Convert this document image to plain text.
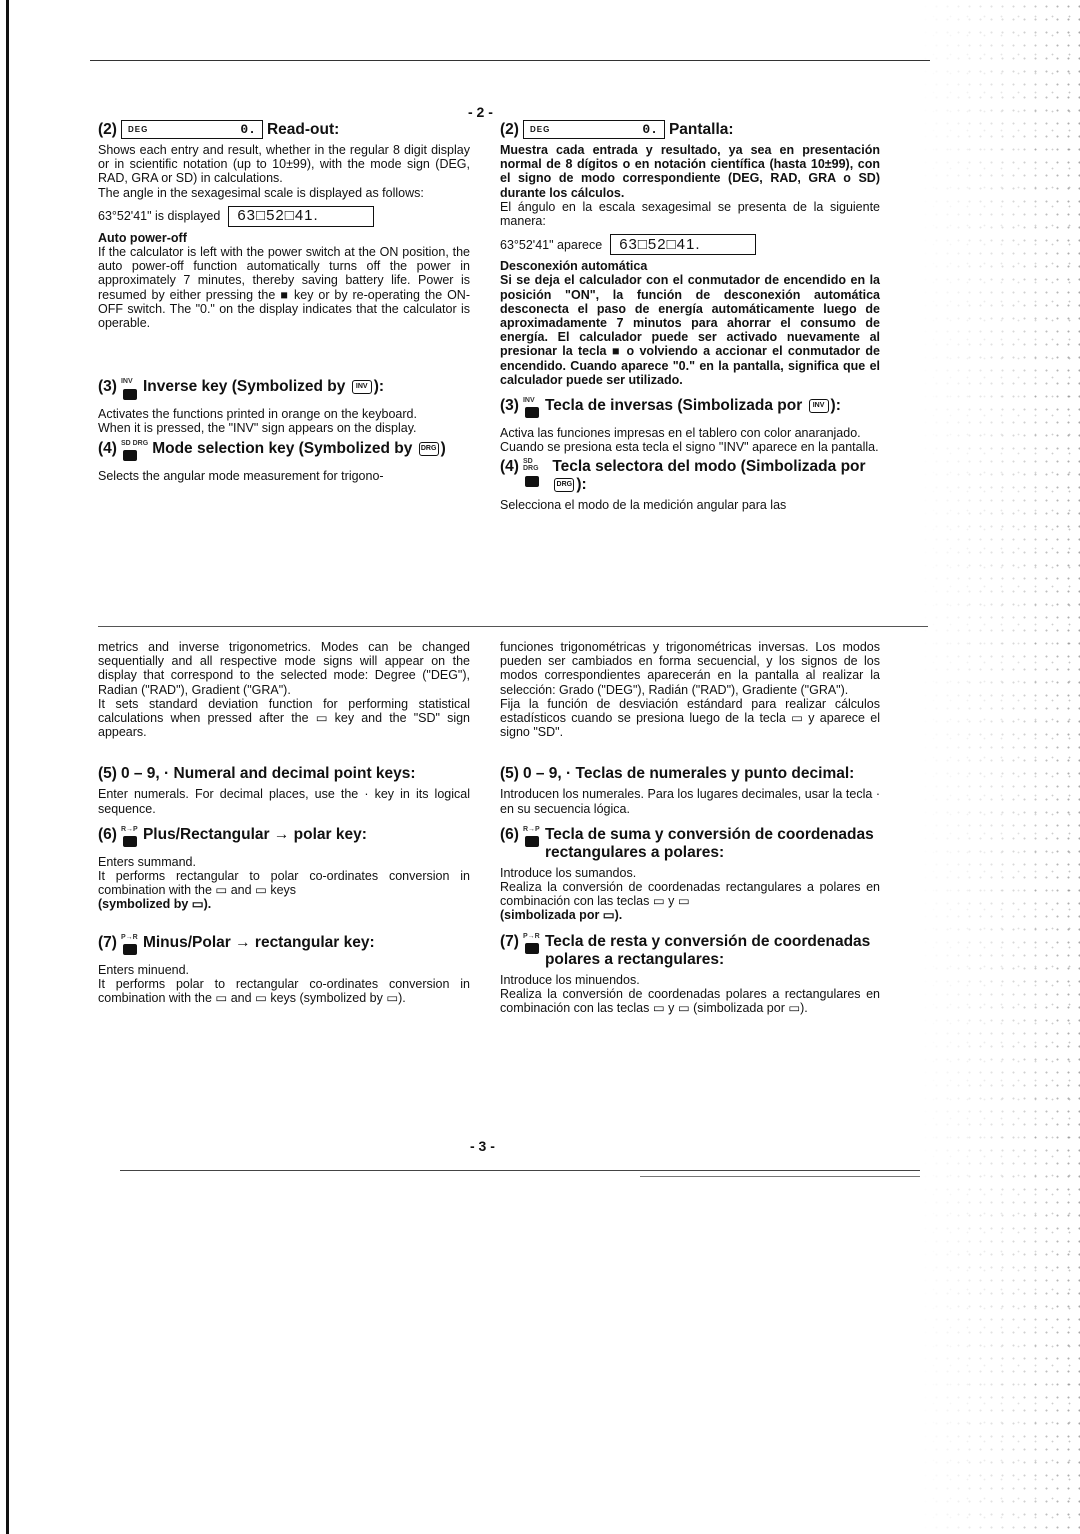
- 2 -
(2) DEG	0. Read-out:

Shows each entry and result, whether in the regular 8 digit display or in scientific notation (up to 10±99), with the mode sign (DEG, RAD, GRA or SD) in calculations.

The angle in the sexagesimal scale is displayed as follows:

63°52'41" is displayed	63□52□41.

Auto power-off

If the calculator is left with the power switch at the ON position, the auto power-off function automatically turns off the power in approximately 7 minutes, thereby saving battery life. Power is resumed by either pressing the ■ key or by re-operating the ON-OFF switch. The "0." on the display indicates that the calculator is operable.

(3) INV Inverse key (Symbolized by INV ):

Activates the functions printed in orange on the keyboard.

When it is pressed, the "INV" sign appears on the display.

(4) SD DRG Mode selection key (Symbolized by DRG )

Selects the angular mode measurement for trigono-

metrics and inverse trigonometrics. Modes can be changed sequentially and all respective mode signs will appear on the display that correspond to the selected mode: Degree ("DEG"), Radian ("RAD"), Gradient ("GRA").

It sets standard deviation function for performing statistical calculations when pressed after the ▭ key and the "SD" sign appears.

(5) 0 – 9, · Numeral and decimal point keys:

Enter numerals. For decimal places, use the · key in its logical sequence.

(6) R→P Plus/Rectangular → polar key:

Enters summand.

It performs rectangular to polar co-ordinates conversion in combination with the ▭ and ▭ keys

(symbolized by ▭).

(7) P→R Minus/Polar → rectangular key:

Enters minuend.

It performs polar to rectangular co-ordinates conversion in combination with the ▭ and ▭ keys (symbolized by ▭).

(2) DEG	0. Pantalla:

Muestra cada entrada y resultado, ya sea en presentación normal de 8 dígitos o en notación científica (hasta 10±99), con el signo de modo correspondiente (DEG, RAD, GRA o SD) durante los cálculos.

El ángulo en la escala sexagesimal se presenta de la siguiente manera:

63°52'41" aparece	63□52□41.

Desconexión automática

Si se deja el calculador con el conmutador de encendido en la posición "ON", la función de desconexión automática desconecta el paso de energía automáticamente luego de aproximadamente 7 minutos para ahorrar el consumo de energía. El calculador puede ser activado nuevamente al presionar la tecla ■ o volviendo a accionar el conmutador de encendido. Cuando aparece "0." en la pantalla, significa que el calculador puede ser utilizado.

(3) INV Tecla de inversas (Simbolizada por INV ):

Activa las funciones impresas en el tablero con color anaranjado.

Cuando se presiona esta tecla el signo "INV" aparece en la pantalla.

(4) SD DRG Tecla selectora del modo (Simbolizada por DRG ):

Selecciona el modo de la medición angular para las

funciones trigonométricas y trigonométricas inversas. Los modos pueden ser cambiados en forma secuencial, y los signos de los modos correspondientes aparecerán en la pantalla al realizar la selección: Grado ("DEG"), Radián ("RAD"), Gradiente ("GRA").

Fija la función de desviación estándard para realizar cálculos estadísticos cuando se presiona luego de la tecla ▭ y aparece el signo "SD".

(5) 0 – 9, · Teclas de numerales y punto decimal:

Introducen los numerales. Para los lugares decimales, usar la tecla · en su secuencia lógica.

(6) R→P Tecla de suma y conversión de coordenadas rectangulares a polares:

Introduce los sumandos.

Realiza la conversión de coordenadas rectangulares a polares en combinación con las teclas ▭ y ▭

(simbolizada por ▭).

(7) P→R Tecla de resta y conversión de coordenadas polares a rectangulares:

Introduce los minuendos.

Realiza la conversión de coordenadas polares a rectangulares en combinación con las teclas ▭ y ▭ (simbolizada por ▭).

- 3 -
